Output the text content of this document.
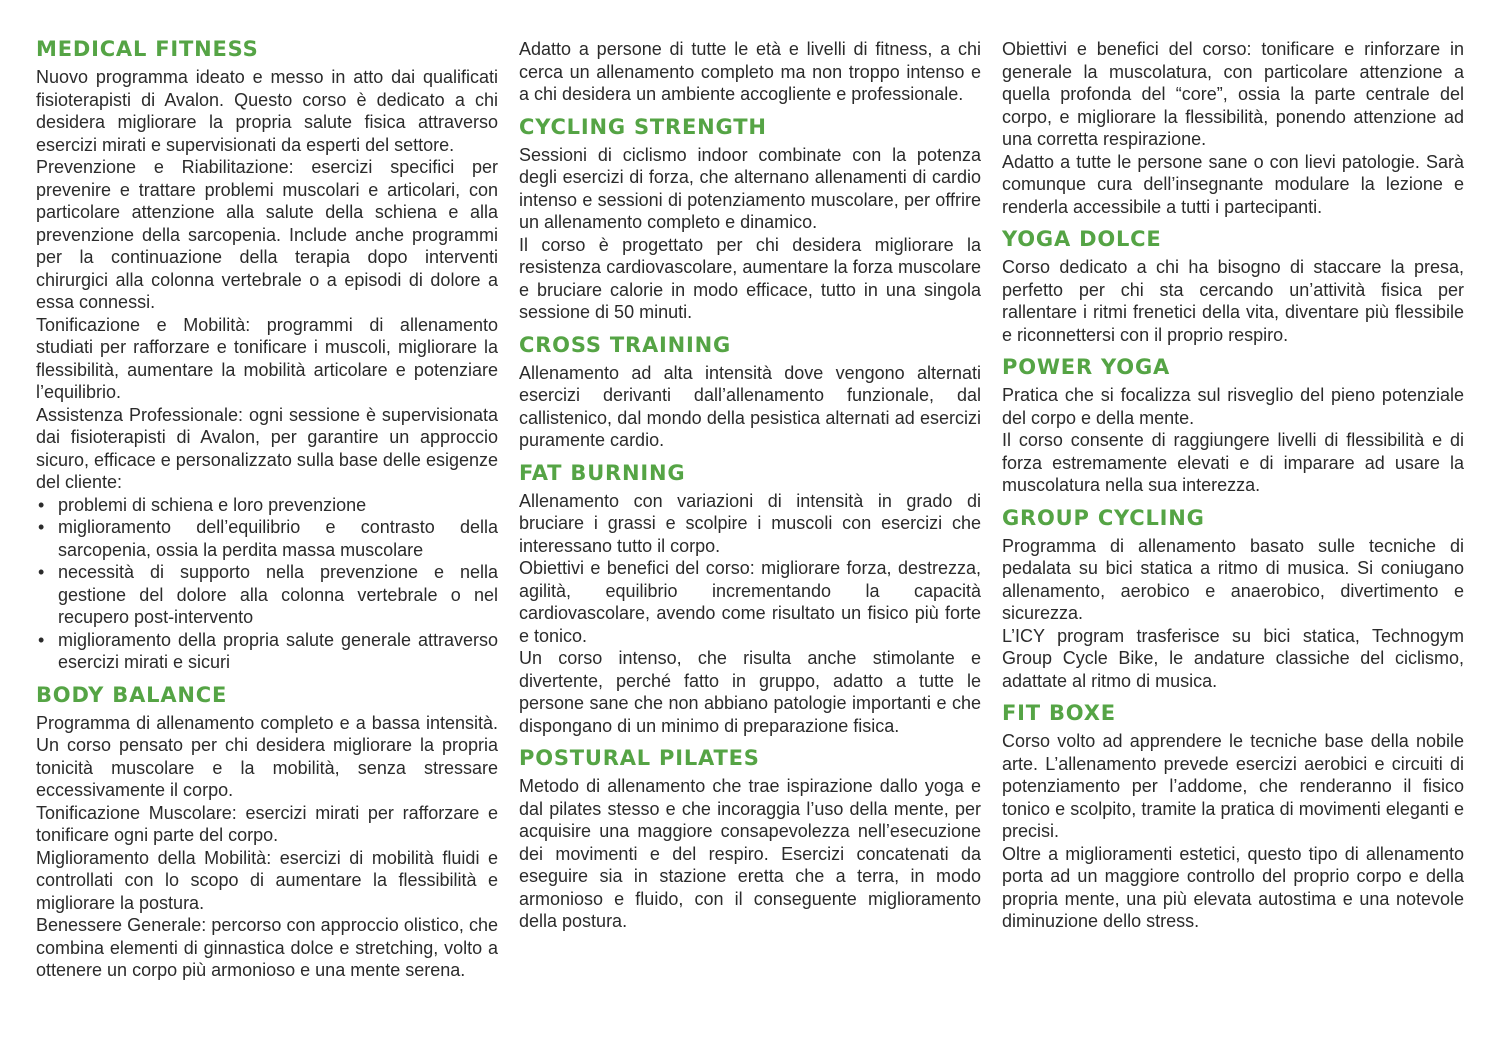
MEDICAL FITNESS

Nuovo programma ideato e messo in atto dai qualificati fisioterapisti di Avalon. Questo corso è dedicato a chi desidera migliorare la propria salute fisica attraverso esercizi mirati e supervisionati da esperti del settore.

Prevenzione e Riabilitazione: esercizi specifici per prevenire e trattare problemi muscolari e articolari, con particolare attenzione alla salute della schiena e alla prevenzione della sarcopenia. Include anche programmi per la continuazione della terapia dopo interventi chirurgici alla colonna vertebrale o a episodi di dolore a essa connessi.

Tonificazione e Mobilità: programmi di allenamento studiati per rafforzare e tonificare i muscoli, migliorare la flessibilità, aumentare la mobilità articolare e potenziare l’equilibrio.

Assistenza Professionale: ogni sessione è supervisionata dai fisioterapisti di Avalon, per garantire un approccio sicuro, efficace e personalizzato sulla base delle esigenze del cliente:

• problemi di schiena e loro prevenzione
• miglioramento dell’equilibrio e contrasto della sarcopenia, ossia la perdita massa muscolare
• necessità di supporto nella prevenzione e nella gestione del dolore alla colonna vertebrale o nel recupero post-intervento
• miglioramento della propria salute generale attraverso esercizi mirati e sicuri
BODY BALANCE

Programma di allenamento completo e a bassa intensità. Un corso pensato per chi desidera migliorare la propria tonicità muscolare e la mobilità, senza stressare eccessivamente il corpo.

Tonificazione Muscolare: esercizi mirati per rafforzare e tonificare ogni parte del corpo.

Miglioramento della Mobilità: esercizi di mobilità fluidi e controllati con lo scopo di aumentare la flessibilità e migliorare la postura.

Benessere Generale: percorso con approccio olistico, che combina elementi di ginnastica dolce e stretching, volto a ottenere un corpo più armonioso e una mente serena.

Adatto a persone di tutte le età e livelli di fitness, a chi cerca un allenamento completo ma non troppo intenso e a chi desidera un ambiente accogliente e professionale.

CYCLING STRENGTH

Sessioni di ciclismo indoor combinate con la potenza degli esercizi di forza, che alternano allenamenti di cardio intenso e sessioni di potenziamento muscolare, per offrire un allenamento completo e dinamico.

Il corso è progettato per chi desidera migliorare la resistenza cardiovascolare, aumentare la forza muscolare e bruciare calorie in modo efficace, tutto in una singola sessione di 50 minuti.

CROSS TRAINING

Allenamento ad alta intensità dove vengono alternati esercizi derivanti dall’allenamento funzionale, dal callistenico, dal mondo della pesistica alternati ad esercizi puramente cardio.

FAT BURNING

Allenamento con variazioni di intensità in grado di bruciare i grassi e scolpire i muscoli con esercizi che interessano tutto il corpo.

Obiettivi e benefici del corso: migliorare forza, destrezza, agilità, equilibrio incrementando la capacità cardiovascolare, avendo come risultato un fisico più forte e tonico.

Un corso intenso, che risulta anche stimolante e divertente, perché fatto in gruppo, adatto a tutte le persone sane che non abbiano patologie importanti e che dispongano di un minimo di preparazione fisica.

POSTURAL PILATES

Metodo di allenamento che trae ispirazione dallo yoga e dal pilates stesso e che incoraggia l’uso della mente, per acquisire una maggiore consapevolezza nell’esecuzione dei movimenti e del respiro. Esercizi concatenati da eseguire sia in stazione eretta che a terra, in modo armonioso e fluido, con il conseguente miglioramento della postura.

Obiettivi e benefici del corso: tonificare e rinforzare in generale la muscolatura, con particolare attenzione a quella profonda del “core”, ossia la parte centrale del corpo, e migliorare la flessibilità, ponendo attenzione ad una corretta respirazione.

Adatto a tutte le persone sane o con lievi patologie. Sarà comunque cura dell’insegnante modulare la lezione e renderla accessibile a tutti i partecipanti.

YOGA DOLCE

Corso dedicato a chi ha bisogno di staccare la presa, perfetto per chi sta cercando un’attività fisica per rallentare i ritmi frenetici della vita, diventare più flessibile e riconnettersi con il proprio respiro.

POWER YOGA

Pratica che si focalizza sul risveglio del pieno potenziale del corpo e della mente.

Il corso consente di raggiungere livelli di flessibilità e di forza estremamente elevati e di imparare ad usare la muscolatura nella sua interezza.

GROUP CYCLING

Programma di allenamento basato sulle tecniche di pedalata su bici statica a ritmo di musica. Si coniugano allenamento, aerobico e anaerobico, divertimento e sicurezza.

L’ICY program trasferisce su bici statica, Technogym Group Cycle Bike, le andature classiche del ciclismo, adattate al ritmo di musica.

FIT BOXE

Corso volto ad apprendere le tecniche base della nobile arte. L’allenamento prevede esercizi aerobici e circuiti di potenziamento per l’addome, che renderanno il fisico tonico e scolpito, tramite la pratica di movimenti eleganti e precisi.

Oltre a miglioramenti estetici, questo tipo di allenamento porta ad un maggiore controllo del proprio corpo e della propria mente, una più elevata autostima e una notevole diminuzione dello stress.
